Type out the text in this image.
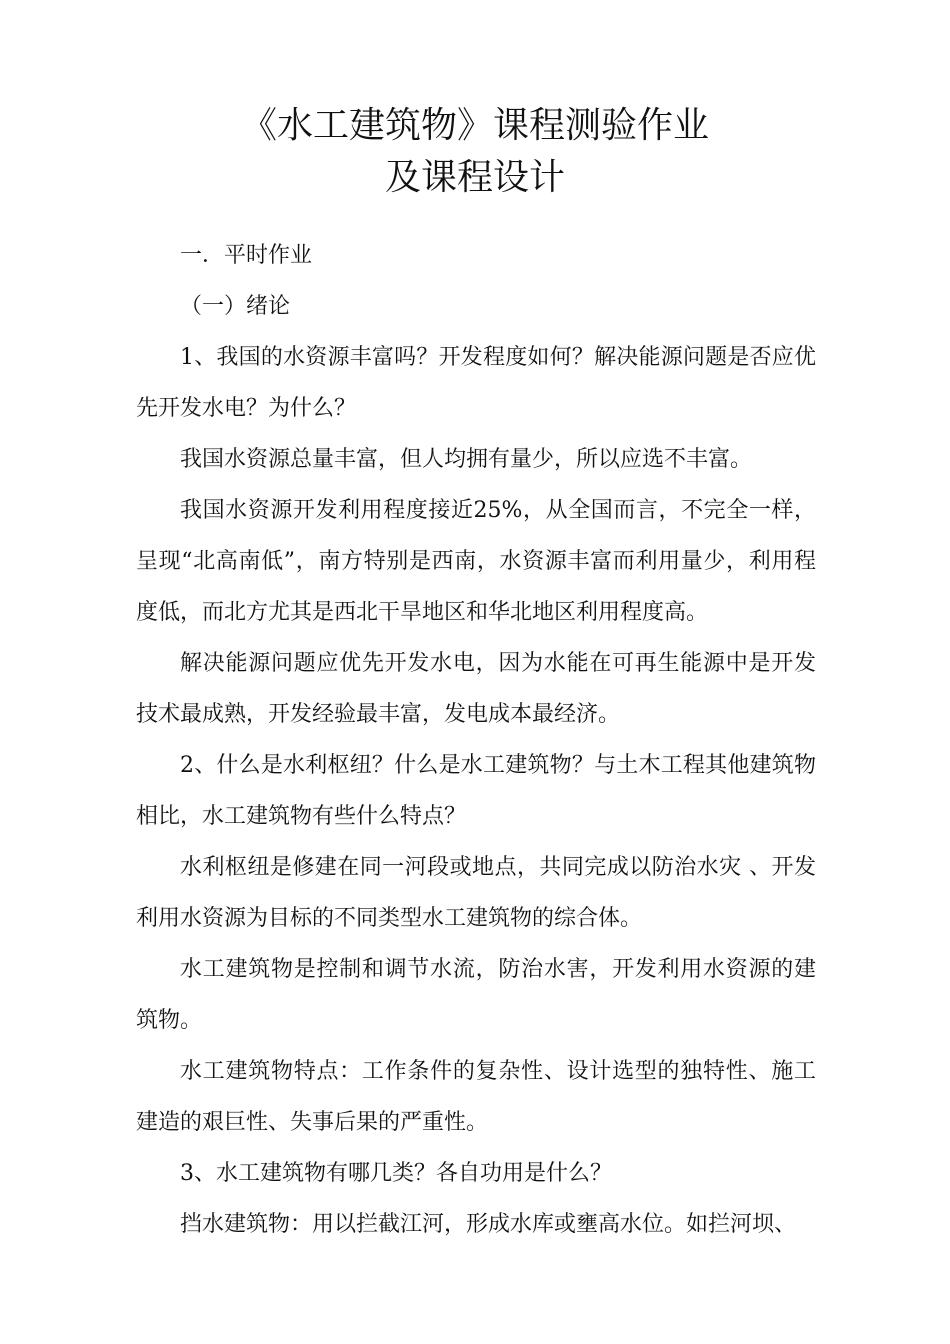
《水工建筑物》课程测验作业
及课程设计

一．平时作业

（一）绪论

1、我国的水资源丰富吗？开发程度如何？解决能源问题是否应优先开发水电？为什么？

我国水资源总量丰富，但人均拥有量少，所以应选不丰富。

我国水资源开发利用程度接近25%，从全国而言，不完全一样，呈现“北高南低”，南方特别是西南，水资源丰富而利用量少，利用程度低，而北方尤其是西北干旱地区和华北地区利用程度高。

解决能源问题应优先开发水电，因为水能在可再生能源中是开发技术最成熟，开发经验最丰富，发电成本最经济。

2、什么是水利枢纽？什么是水工建筑物？与土木工程其他建筑物相比，水工建筑物有些什么特点？

水利枢纽是修建在同一河段或地点，共同完成以防治水灾 、开发利用水资源为目标的不同类型水工建筑物的综合体。

水工建筑物是控制和调节水流，防治水害，开发利用水资源的建筑物。

水工建筑物特点：工作条件的复杂性、设计选型的独特性、施工建造的艰巨性、失事后果的严重性。

3、水工建筑物有哪几类？各自功用是什么？

挡水建筑物：用以拦截江河，形成水库或壅高水位。如拦河坝、
